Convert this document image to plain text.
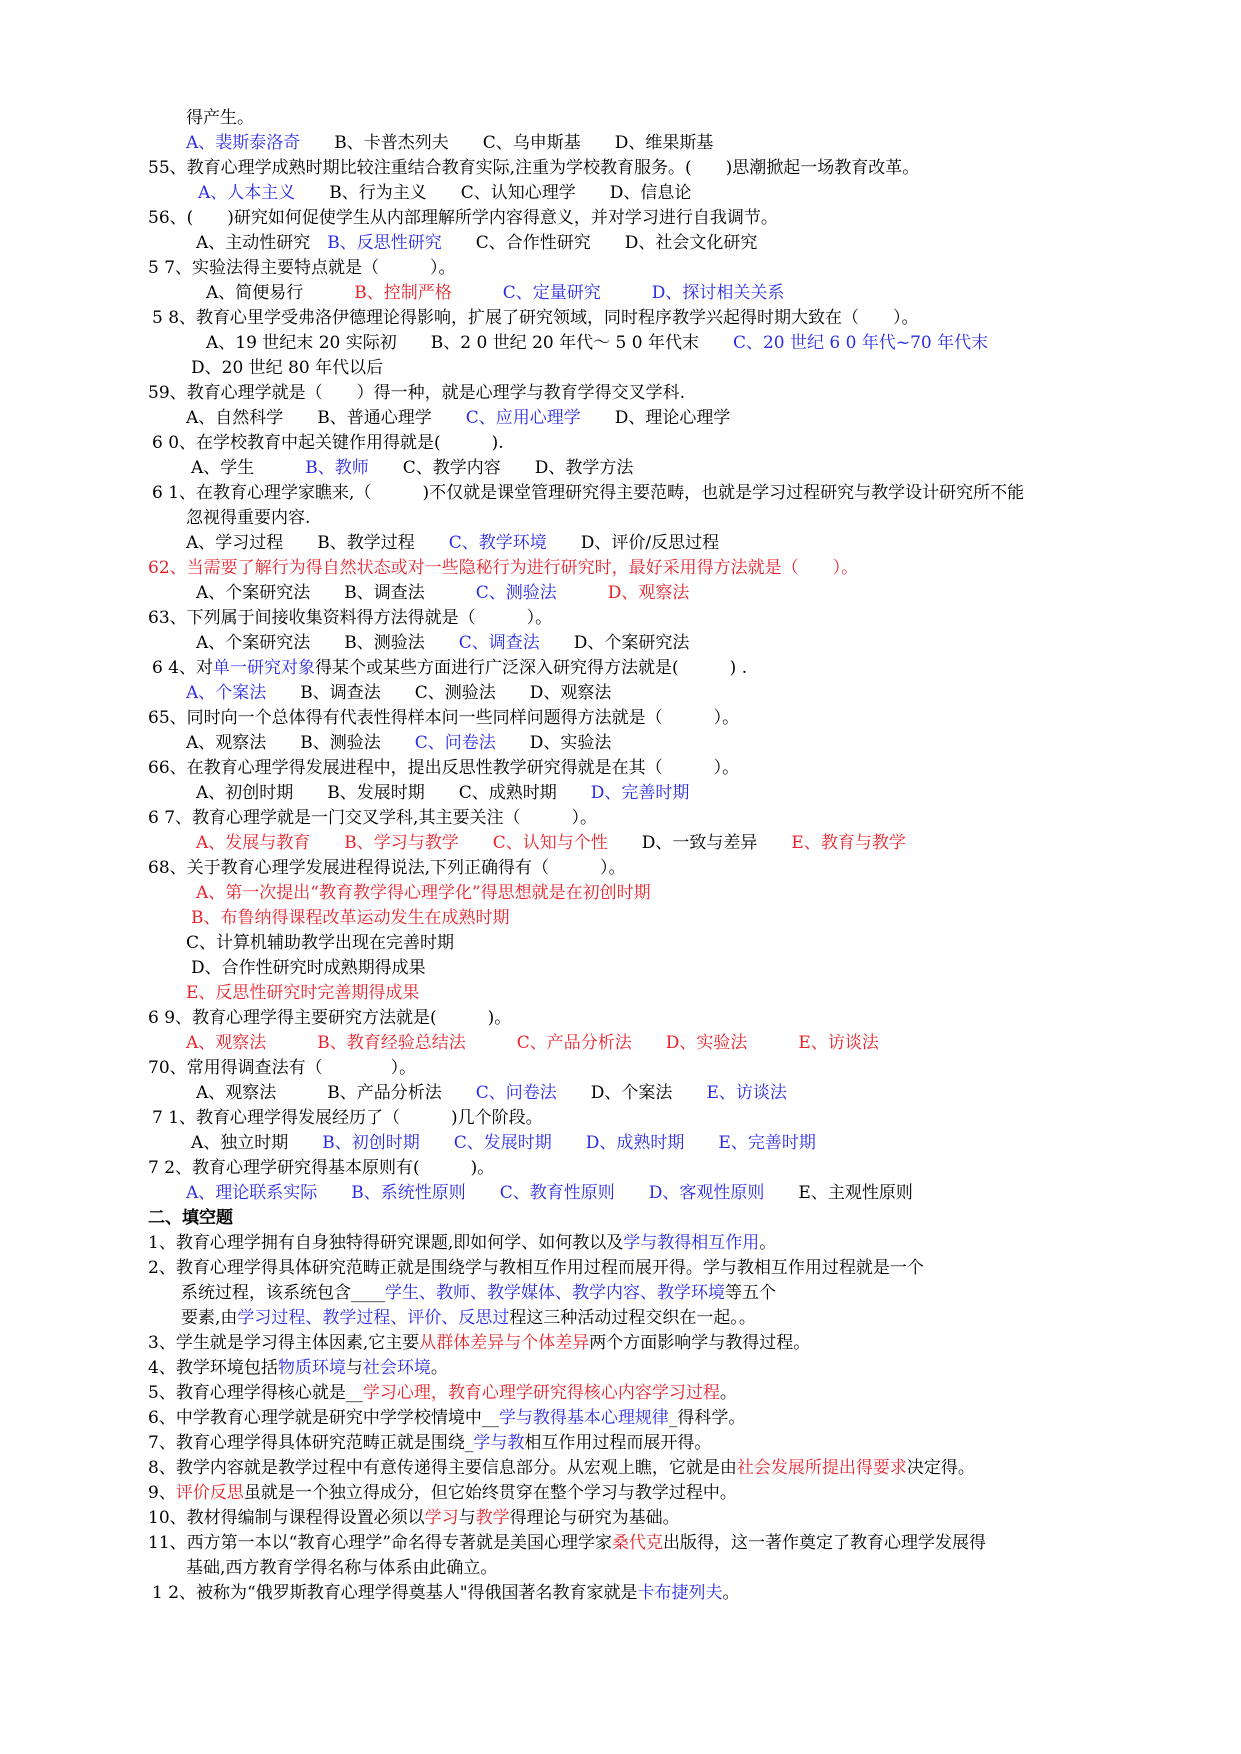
得产生。
A、裴斯泰洛奇　　B、卡普杰列夫　　C、乌申斯基　　D、维果斯基
55、教育心理学成熟时期比较注重结合教育实际,注重为学校教育服务。(　　)思潮掀起一场教育改革。
A、人本主义　　B、行为主义　　C、认知心理学　　D、信息论
56、(　　)研究如何促使学生从内部理解所学内容得意义，并对学习进行自我调节。
A、主动性研究　B、反思性研究　　C、合作性研究　　D、社会文化研究
5 7、实验法得主要特点就是（　　　）。
A、简便易行　　　B、控制严格　　　	C、定量研究　　　D、探讨相关关系
5 8、教育心里学受弗洛伊德理论得影响，扩展了研究领域，同时程序教学兴起得时期大致在（　　）。
A、19 世纪末 20 实际初　　B、2 0 世纪 20 年代～ 5 0 年代末　　C、20 世纪 6 0 年代~70 年代末
D、20 世纪 80 年代以后
59、教育心理学就是（　　）得一种，就是心理学与教育学得交叉学科.
A、自然科学　　B、普通心理学　　C、应用心理学　　D、理论心理学
6 0、在学校教育中起关键作用得就是(　　　).
A、学生　　　B、教师　　C、教学内容　　D、教学方法
6 1、在教育心理学家瞧来,（　　　)不仅就是课堂管理研究得主要范畴，也就是学习过程研究与教学设计研究所不能
忽视得重要内容.
A、学习过程　　B、教学过程　　C、教学环境　　D、评价/反思过程
62、当需要了解行为得自然状态或对一些隐秘行为进行研究时，最好采用得方法就是（　　）。
A、个案研究法　　B、调查法　　　C、测验法　　　	D、观察法
63、下列属于间接收集资料得方法得就是（　　　）。
A、个案研究法　　B、测验法　　C、调查法　　D、个案研究法
6 4、对单一研究对象得某个或某些方面进行广泛深入研究得方法就是(　　　) .
A、个案法　　B、调查法　　C、测验法　　D、观察法
65、同时向一个总体得有代表性得样本问一些同样问题得方法就是（　　　）。
A、观察法　　B、测验法　　C、问卷法　　D、实验法
66、在教育心理学得发展进程中，提出反思性教学研究得就是在其（　　　）。
A、初创时期　　B、发展时期　　C、成熟时期　　D、完善时期
6 7、教育心理学就是一门交叉学科,其主要关注（　　　）。
A、发展与教育　　B、学习与教学　　C、认知与个性　　D、一致与差异　　E、教育与教学
68、关于教育心理学发展进程得说法,下列正确得有（　　　）。
A、第一次提出“教育教学得心理学化”得思想就是在初创时期
B、布鲁纳得课程改革运动发生在成熟时期
C、计算机辅助教学出现在完善时期
D、合作性研究时成熟期得成果
E、反思性研究时完善期得成果
6 9、教育心理学得主要研究方法就是(　　　)。
A、观察法　　　B、教育经验总结法　　　C、产品分析法　　D、实验法　　　E、访谈法
70、常用得调查法有（　　　　）。
A、观察法　　　B、产品分析法　　C、问卷法　　D、个案法　　E、访谈法
7 1、教育心理学得发展经历了（　　　)几个阶段。
A、独立时期　　B、初创时期　　C、发展时期　　D、成熟时期　　E、完善时期
7 2、教育心理学研究得基本原则有(　　　)。
A、理论联系实际　　B、系统性原则　　C、教育性原则　　D、客观性原则　　E、主观性原则
二、填空题
1、教育心理学拥有自身独特得研究课题,即如何学、如何教以及学与教得相互作用。
2、教育心理学得具体研究范畴正就是围绕学与教相互作用过程而展开得。学与教相互作用过程就是一个
系统过程，该系统包含____学生、教师、教学媒体、教学内容、教学环境等五个
要素,由学习过程、教学过程、评价、反思过程这三种活动过程交织在一起。。
3、学生就是学习得主体因素,它主要从群体差异与个体差异两个方面影响学与教得过程。
4、教学环境包括物质环境与社会环境。
5、教育心理学得核心就是__学习心理，教育心理学研究得核心内容学习过程。
6、中学教育心理学就是研究中学学校情境中__学与教得基本心理规律_得科学。
7、教育心理学得具体研究范畴正就是围绕_学与教相互作用过程而展开得。
8、教学内容就是教学过程中有意传递得主要信息部分。从宏观上瞧，它就是由社会发展所提出得要求决定得。
9、评价反思虽就是一个独立得成分，但它始终贯穿在整个学习与教学过程中。
10、教材得编制与课程得设置必须以学习与教学得理论与研究为基础。
11、西方第一本以“教育心理学”命名得专著就是美国心理学家桑代克出版得，这一著作奠定了教育心理学发展得
基础,西方教育学得名称与体系由此确立。
1 2、被称为“俄罗斯教育心理学得奠基人"得俄国著名教育家就是卡布捷列夫。
